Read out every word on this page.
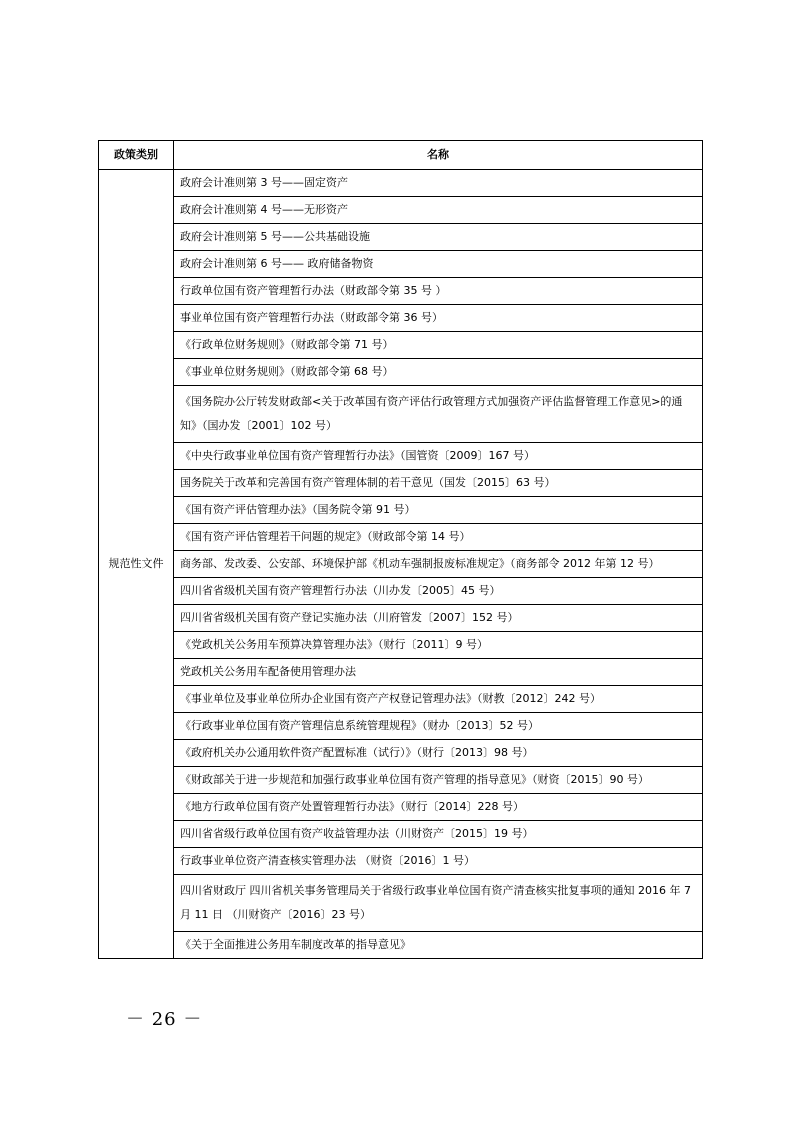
政策类别	名称
规范性文件	政府会计准则第 3 号——固定资产
	政府会计准则第 4 号——无形资产
	政府会计准则第 5 号——公共基础设施
	政府会计准则第 6 号—— 政府储备物资
	行政单位国有资产管理暂行办法（财政部令第 35 号 ）
	事业单位国有资产管理暂行办法（财政部令第 36 号）
	《行政单位财务规则》（财政部令第 71 号）
	《事业单位财务规则》（财政部令第 68 号）
	《国务院办公厅转发财政部<关于改革国有资产评估行政管理方式加强资产评估监督管理工作意见>的通知》（国办发〔2001〕102 号）
	《中央行政事业单位国有资产管理暂行办法》（国管资〔2009〕167 号）
	国务院关于改革和完善国有资产管理体制的若干意见（国发〔2015〕63 号）
	《国有资产评估管理办法》（国务院令第 91 号）
	《国有资产评估管理若干问题的规定》（财政部令第 14 号）
	商务部、发改委、公安部、环境保护部《机动车强制报废标准规定》（商务部令 2012 年第 12 号）
	四川省省级机关国有资产管理暂行办法（川办发〔2005〕45 号）
	四川省省级机关国有资产登记实施办法（川府管发〔2007〕152 号）
	《党政机关公务用车预算决算管理办法》（财行〔2011〕9 号）
	党政机关公务用车配备使用管理办法
	《事业单位及事业单位所办企业国有资产产权登记管理办法》（财教〔2012〕242 号）
	《行政事业单位国有资产管理信息系统管理规程》（财办〔2013〕52 号）
	《政府机关办公通用软件资产配置标准（试行）》（财行〔2013〕98 号）
	《财政部关于进一步规范和加强行政事业单位国有资产管理的指导意见》（财资〔2015〕90 号）
	《地方行政单位国有资产处置管理暂行办法》（财行〔2014〕228 号）
	四川省省级行政单位国有资产收益管理办法（川财资产〔2015〕19 号）
	行政事业单位资产清查核实管理办法 （财资〔2016〕1 号）
	四川省财政厅 四川省机关事务管理局关于省级行政事业单位国有资产清查核实批复事项的通知 2016 年 7 月 11 日 （川财资产〔2016〕23 号）
	《关于全面推进公务用车制度改革的指导意见》
－ 26 －
